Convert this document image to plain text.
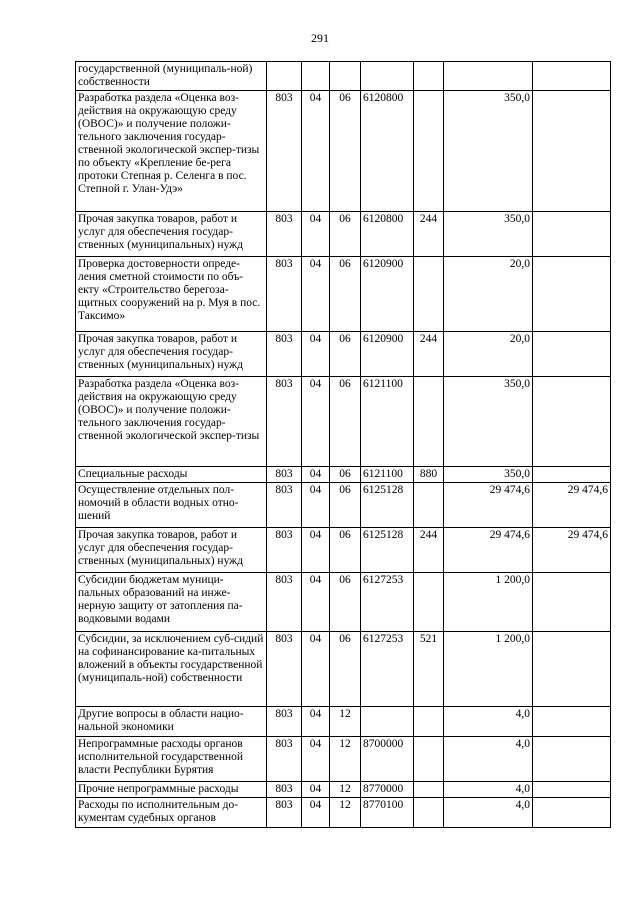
291
государственной (муниципаль-ной) собственности							
Разработка раздела «Оценка воз-действия на окружающую среду (ОВОС)» и получение положи-тельного заключения государ-ственной экологической экспер-тизы по объекту «Крепление бе-рега протоки Степная р. Селенга в пос. Степной г. Улан-Удэ»	803	04	06	6120800		350,0	
Прочая закупка товаров, работ и услуг для обеспечения государ-ственных (муниципальных) нужд	803	04	06	6120800	244	350,0	
Проверка достоверности опреде-ления сметной стоимости по объ-екту «Строительство берегоза-щитных сооружений на р. Муя в пос. Таксимо»	803	04	06	6120900		20,0	
Прочая закупка товаров, работ и услуг для обеспечения государ-ственных (муниципальных) нужд	803	04	06	6120900	244	20,0	
Разработка раздела «Оценка воз-действия на окружающую среду (ОВОС)» и получение положи-тельного заключения государ-ственной экологической экспер-тизы	803	04	06	6121100		350,0	
Специальные расходы	803	04	06	6121100	880	350,0	
Осуществление отдельных пол-номочий в области водных отно-шений	803	04	06	6125128		29 474,6	29 474,6
Прочая закупка товаров, работ и услуг для обеспечения государ-ственных (муниципальных) нужд	803	04	06	6125128	244	29 474,6	29 474,6
Субсидии бюджетам муници-пальных образований на инже-нерную защиту от затопления па-водковыми водами	803	04	06	6127253		1 200,0	
Субсидии, за исключением суб-сидий на софинансирование ка-питальных вложений в объекты государственной (муниципаль-ной) собственности	803	04	06	6127253	521	1 200,0	
Другие вопросы в области нацио-нальной экономики	803	04	12			4,0	
Непрограммные расходы органов исполнительной государственной власти Республики Бурятия	803	04	12	8700000		4,0	
Прочие непрограммные расходы	803	04	12	8770000		4,0	
Расходы по исполнительным до-кументам судебных органов	803	04	12	8770100		4,0	
